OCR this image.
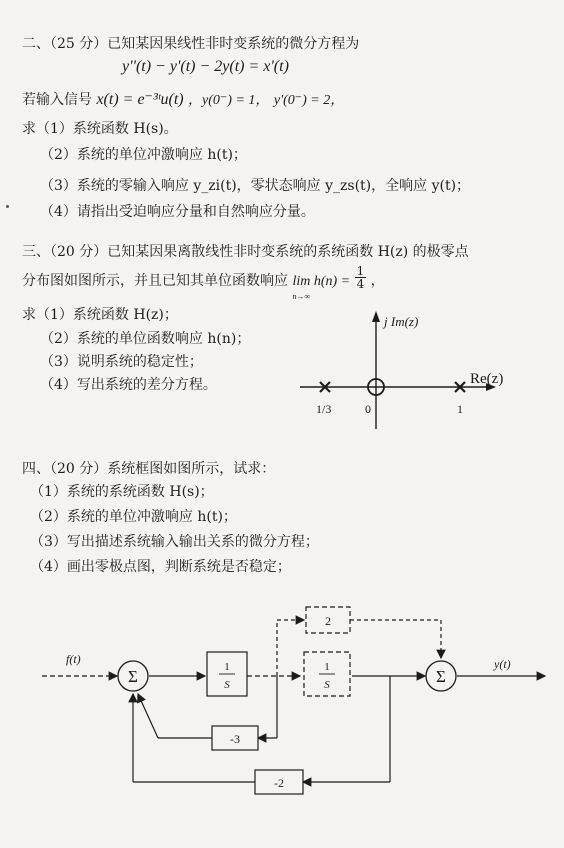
二、（25 分）已知某因果线性非时变系统的微分方程为
y''(t) − y'(t) − 2y(t) = x'(t)
若输入信号 x(t) = e⁻³ᵗu(t) ，y(0⁻) = 1， y'(0⁻) = 2，
求（1）系统函数 H(s)。
（2）系统的单位冲激响应 h(t)；
（3）系统的零输入响应 y_zi(t)，零状态响应 y_zs(t)，全响应 y(t)；
（4）请指出受迫响应分量和自然响应分量。
三、（20 分）已知某因果离散线性非时变系统的系统函数 H(z) 的极零点
分布图如图所示，并且已知其单位函数响应 lim h(n) =
n→∞

$\frac{1}{4}$ ，
求（1）系统函数 H(z)；
（2）系统的单位函数响应 h(n)；
（3）说明系统的稳定性；
（4）写出系统的差分方程。
j Im(z)
Re(z)
1/3	0	1
四、（20 分）系统框图如图所示，试求：
（1）系统的系统函数 H(s)；
（2）系统的单位冲激响应 h(t)；
（3）写出描述系统输入输出关系的微分方程；
（4）画出零极点图，判断系统是否稳定；
Σ	Σ
1
S
1
S
2
-3
-2
f(t)	y(t)
